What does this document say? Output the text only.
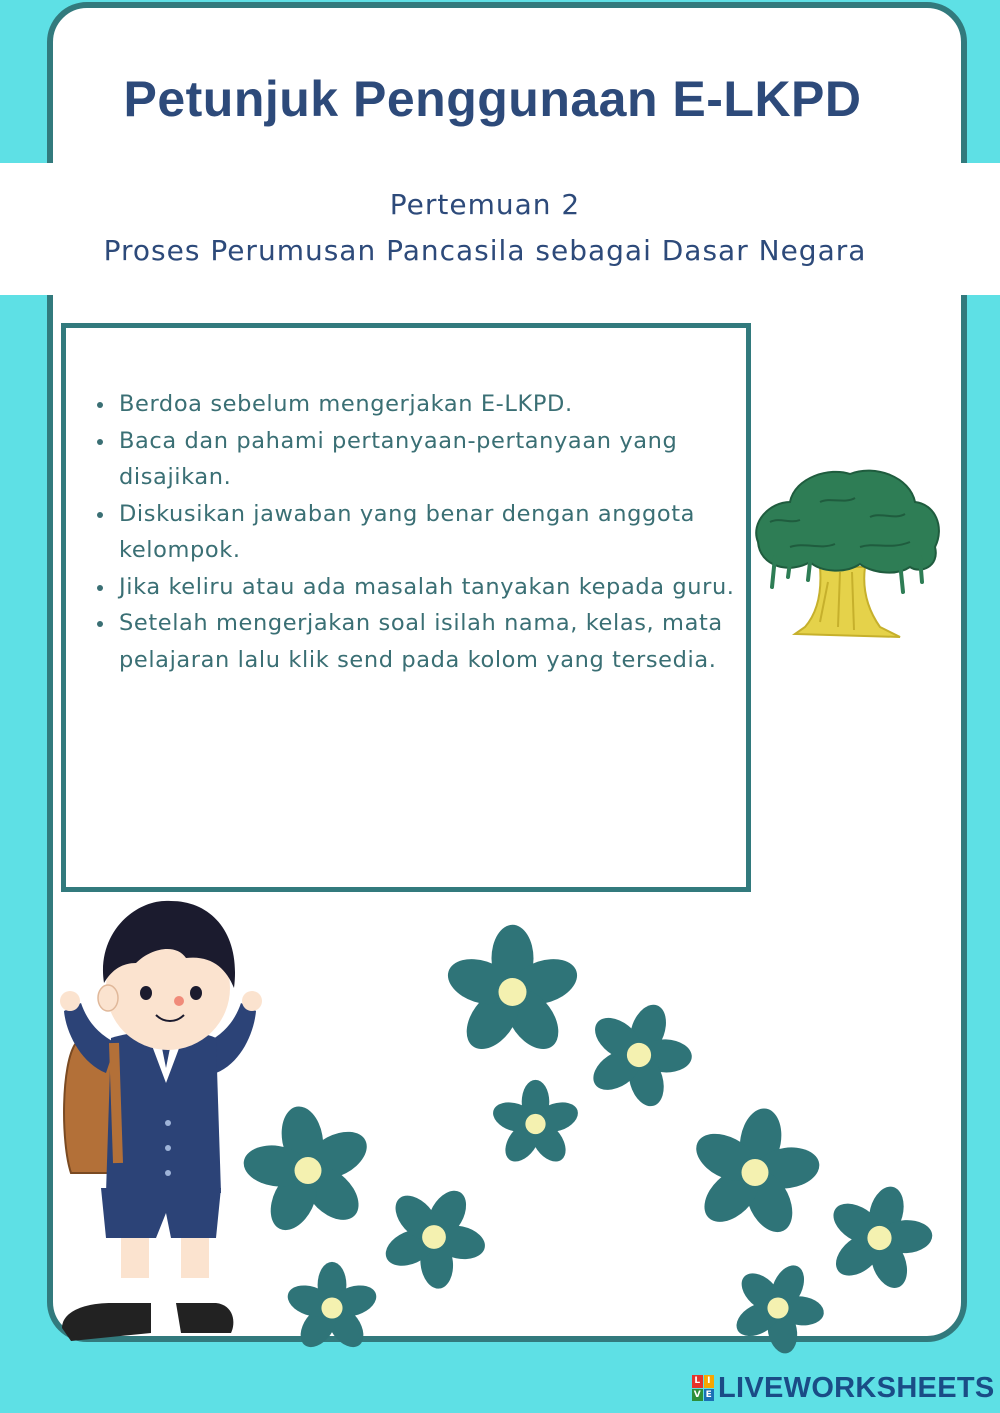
Petunjuk Penggunaan E-LKPD
Pertemuan 2
Proses Perumusan Pancasila sebagai Dasar Negara
Berdoa sebelum mengerjakan E-LKPD.
Baca dan pahami pertanyaan-pertanyaan yang disajikan.
Diskusikan jawaban yang benar dengan anggota kelompok.
Jika keliru atau ada masalah tanyakan kepada guru.
Setelah mengerjakan soal isilah nama, kelas, mata pelajaran lalu klik send pada kolom yang tersedia.
L I
V E LIVEWORKSHEETS
